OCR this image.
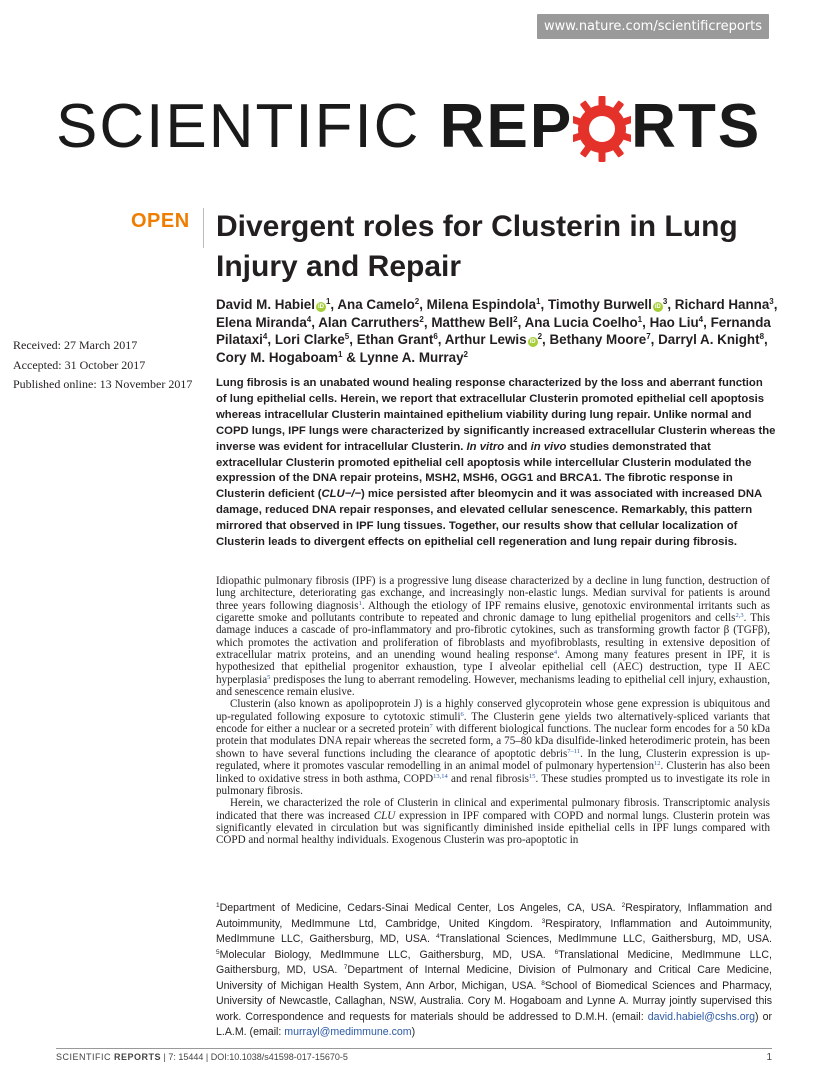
www.nature.com/scientificreports
SCIENTIFIC REP RTS
OPEN Divergent roles for Clusterin in Lung Injury and Repair
David M. Habiel $iD^1$, Ana Camelo$^2$, Milena Espindola$^1$, Timothy Burwell $iD^3$, Richard Hanna$^3$, Elena Miranda$^4$, Alan Carruthers$^2$, Matthew Bell$^2$, Ana Lucia Coelho$^1$, Hao Liu$^4$, Fernanda Pilataxi$^4$, Lori Clarke$^5$, Ethan Grant$^6$, Arthur Lewis $iD^2$, Bethany Moore$^7$, Darryl A. Knight$^8$, Cory M. Hogaboam$^1$ & Lynne A. Murray$^2$
Received: 27 March 2017
Accepted: 31 October 2017
Published online: 13 November 2017 Lung fibrosis is an unabated wound healing response characterized by the loss and aberrant function of lung epithelial cells. Herein, we report that extracellular Clusterin promoted epithelial cell apoptosis whereas intracellular Clusterin maintained epithelium viability during lung repair. Unlike normal and COPD lungs, IPF lungs were characterized by significantly increased extracellular Clusterin whereas the inverse was evident for intracellular Clusterin. In vitro and in vivo studies demonstrated that extracellular Clusterin promoted epithelial cell apoptosis while intercellular Clusterin modulated the expression of the DNA repair proteins, MSH2, MSH6, OGG1 and BRCA1. The fibrotic response in Clusterin deficient (CLU−/−) mice persisted after bleomycin and it was associated with increased DNA damage, reduced DNA repair responses, and elevated cellular senescence. Remarkably, this pattern mirrored that observed in IPF lung tissues. Together, our results show that cellular localization of Clusterin leads to divergent effects on epithelial cell regeneration and lung repair during fibrosis.

Idiopathic pulmonary fibrosis (IPF) is a progressive lung disease characterized by a decline in lung function, destruction of lung architecture, deteriorating gas exchange, and increasingly non-elastic lungs. Median survival for patients is around three years following diagnosis$^1$. Although the etiology of IPF remains elusive, genotoxic environmental irritants such as cigarette smoke and pollutants contribute to repeated and chronic damage to lung epithelial progenitors and cells$^{2,3}$. This damage induces a cascade of pro-inflammatory and pro-fibrotic cytokines, such as transforming growth factor β (TGFβ), which promotes the activation and proliferation of fibroblasts and myofibroblasts, resulting in extensive deposition of extracellular matrix proteins, and an unending wound healing response$^4$. Among many features present in IPF, it is hypothesized that epithelial progenitor exhaustion, type I alveolar epithelial cell (AEC) destruction, type II AEC hyperplasia$^5$ predisposes the lung to aberrant remodeling. However, mechanisms leading to epithelial cell injury, exhaustion, and senescence remain elusive.

Clusterin (also known as apolipoprotein J) is a highly conserved glycoprotein whose gene expression is ubiquitous and up-regulated following exposure to cytotoxic stimuli$^6$. The Clusterin gene yields two alternatively-spliced variants that encode for either a nuclear or a secreted protein$^7$ with different biological functions. The nuclear form encodes for a 50 kDa protein that modulates DNA repair whereas the secreted form, a 75–80 kDa disulfide-linked heterodimeric protein, has been shown to have several functions including the clearance of apoptotic debris$^{7-11}$. In the lung, Clusterin expression is up-regulated, where it promotes vascular remodelling in an animal model of pulmonary hypertension$^{12}$. Clusterin has also been linked to oxidative stress in both asthma, COPD$^{13,14}$ and renal fibrosis$^{15}$. These studies prompted us to investigate its role in pulmonary fibrosis.

Herein, we characterized the role of Clusterin in clinical and experimental pulmonary fibrosis. Transcriptomic analysis indicated that there was increased CLU expression in IPF compared with COPD and normal lungs. Clusterin protein was significantly elevated in circulation but was significantly diminished inside epithelial cells in IPF lungs compared with COPD and normal healthy individuals. Exogenous Clusterin was pro-apoptotic in

$^1$Department of Medicine, Cedars-Sinai Medical Center, Los Angeles, CA, USA. $^2$Respiratory, Inflammation and Autoimmunity, MedImmune Ltd, Cambridge, United Kingdom. $^3$Respiratory, Inflammation and Autoimmunity, MedImmune LLC, Gaithersburg, MD, USA. $^4$Translational Sciences, MedImmune LLC, Gaithersburg, MD, USA. $^5$Molecular Biology, MedImmune LLC, Gaithersburg, MD, USA. $^6$Translational Medicine, MedImmune LLC, Gaithersburg, MD, USA. $^7$Department of Internal Medicine, Division of Pulmonary and Critical Care Medicine, University of Michigan Health System, Ann Arbor, Michigan, USA. $^8$School of Biomedical Sciences and Pharmacy, University of Newcastle, Callaghan, NSW, Australia. Cory M. Hogaboam and Lynne A. Murray jointly supervised this work. Correspondence and requests for materials should be addressed to D.M.H. (email: david.habiel@cshs.org) or L.A.M. (email: murrayl@medimmune.com)
SCIENTIFIC REPORTS | 7: 15444 | DOI:10.1038/s41598-017-15670-5	1
